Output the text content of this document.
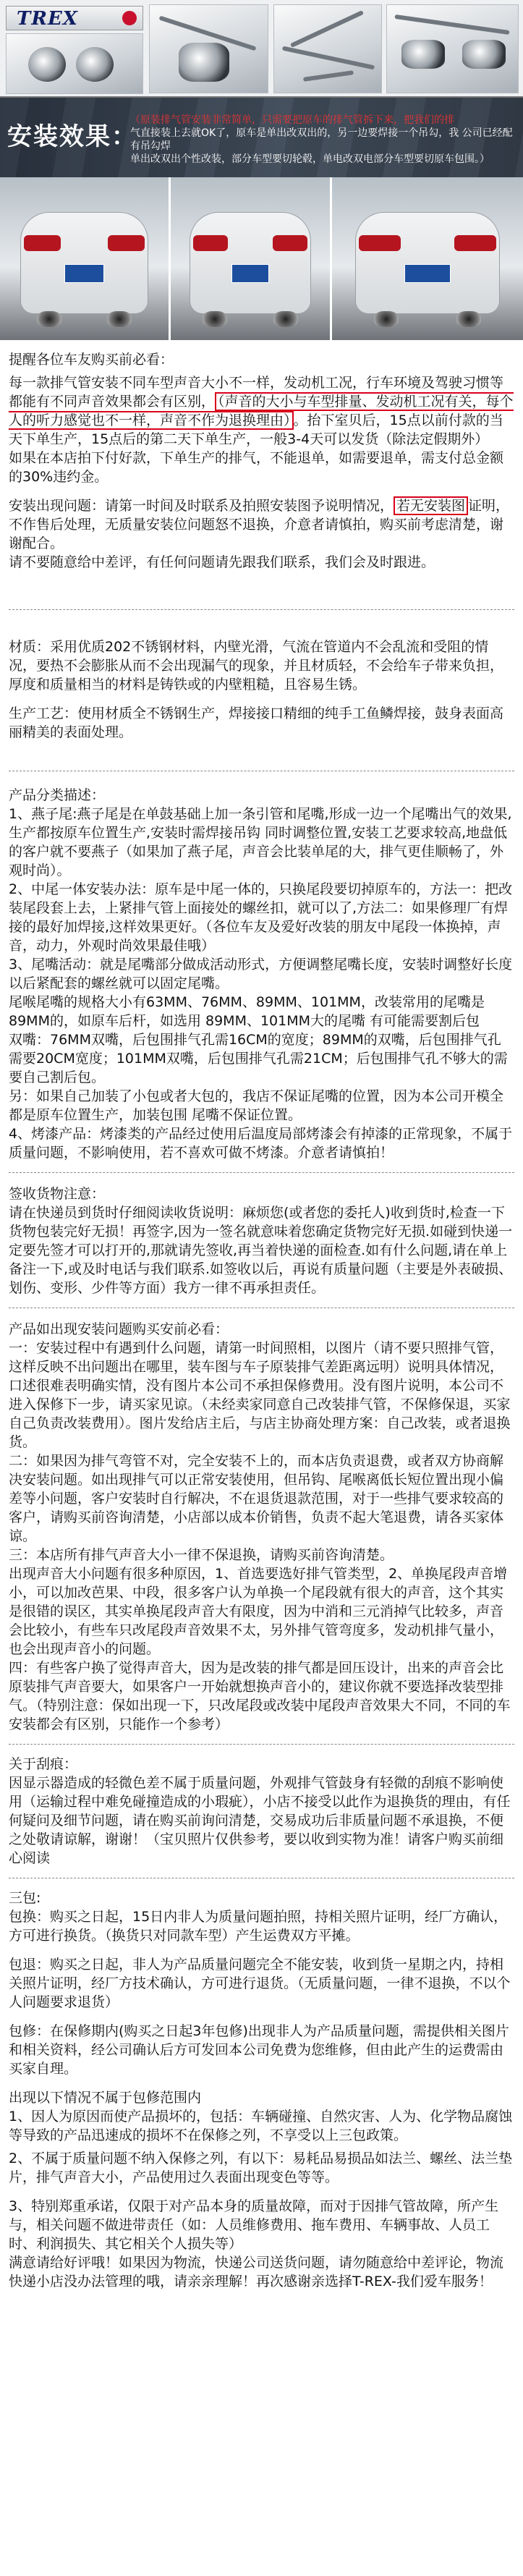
TREX
安装效果：
（原装排气管安装非常简单，只需要把原车的排气管拆下来，把我们的排
气直接装上去就OK了，原车是单出改双出的，另一边要焊接一个吊勾，我 公司已经配有吊勾焊
单出改双出个性改装，部分车型要切轮毂，单电改双电部分车型要切原车包围。）
提醒各位车友购买前必看：

每一款排气管安装不同车型声音大小不一样，发动机工况，行车环境及驾驶习惯等都能有不同声音效果都会有区别， （声音的大小与车型排量、发动机工况有关，每个人的听力感觉也不一样，声音不作为退换理由） 。抬下室贝后，15点以前付款的当天下单生产，15点后的第二天下单生产，一般3-4天可以发货（除法定假期外）

如果在本店拍下付好款，下单生产的排气，不能退单，如需要退单，需支付总金额的30%违约金。

安装出现问题：请第一时间及时联系及拍照安装图予说明情况， 若无安装图 证明，不作售后处理，无质量安装位问题怒不退换，介意者请慎拍，购买前考虑清楚，谢谢配合。

请不要随意给中差评，有任何问题请先跟我们联系，我们会及时跟进。

材质：采用优质202不锈钢材料，内壁光滑，气流在管道内不会乱流和受阻的情况，要热不会膨胀从而不会出现漏气的现象，并且材质轻，不会给车子带来负担，厚度和质量相当的材料是铸铁或的内壁粗糙，且容易生锈。

生产工艺：使用材质全不锈钢生产，焊接接口精细的纯手工鱼鳞焊接，鼓身表面高丽精美的表面处理。

产品分类描述：

1、燕子尾:燕子尾是在单鼓基础上加一条引管和尾嘴,形成一边一个尾嘴出气的效果,生产都按原车位置生产,安装时需焊接吊钩 同时调整位置,安装工艺要求较高,地盘低的客户就不要燕子（如果加了燕子尾，声音会比装单尾的大，排气更佳顺畅了，外观时尚）。

2、中尾一体安装办法：原车是中尾一体的，只换尾段要切掉原车的，方法一：把改装尾段套上去，上紧排气管上面接处的螺丝扣，就可以了,方法二：如果修理厂有焊接的最好加焊接,这样效果更好。（各位车友及爱好改装的朋友中尾段一体换掉，声音，动力，外观时尚效果最佳哦）

3、尾嘴活动：就是尾嘴部分做成活动形式，方便调整尾嘴长度，安装时调整好长度以后紧配套的螺丝就可以固定尾嘴。

尾喉尾嘴的规格大小有63MM、76MM、89MM、101MM，改装常用的尾嘴是89MM的，如原车后杆，如选用 89MM、101MM大的尾嘴 有可能需要割后包

双嘴：76MM双嘴，后包围排气孔需16CM的宽度；89MM的双嘴，后包围排气孔需要20CM宽度；101MM双嘴，后包围排气孔需21CM；后包围排气孔不够大的需要自己割后包。

另：如果自己加装了小包或者大包的，我店不保证尾嘴的位置，因为本公司开模全都是原车位置生产，加装包围 尾嘴不保证位置。

4、烤漆产品：烤漆类的产品经过使用后温度局部烤漆会有掉漆的正常现象，不属于质量问题，不影响使用，若不喜欢可做不烤漆。介意者请慎拍！

签收货物注意：

请在快递员到货时仔细阅读收货说明：麻烦您(或者您的委托人)收到货时,检查一下货物包装完好无损！再签字,因为一签名就意味着您确定货物完好无损.如碰到快递一定要先签才可以打开的,那就请先签收,再当着快递的面检查.如有什么问题,请在单上备注一下,或及时电话与我们联系.如签收以后，再说有质量问题（主要是外表破损、划伤、变形、少件等方面）我方一律不再承担责任。

产品如出现安装问题购买安前必看：

一：安装过程中有遇到什么问题，请第一时间照相，以图片（请不要只照排气管，这样反映不出问题出在哪里，装车图与车子原装排气差距离远明）说明具体情况，口述很难表明确实情，没有图片本公司不承担保修费用。没有图片说明，本公司不进入保修下一步，请买家见谅。（未经卖家同意自己改装排气管，不保修保退，买家自己负责改装费用）。图片发给店主后，与店主协商处理方案：自己改装，或者退换货。

二：如果因为排气弯管不对，完全安装不上的，而本店负责退费，或者双方协商解决安装问题。如出现排气可以正常安装使用，但吊钩、尾喉离低长短位置出现小偏差等小问题，客户安装时自行解决，不在退货退款范围，对于一些排气要求较高的客户，请购买前咨询清楚，小店部以成本价销售，负责不起大笔退费，请各买家体谅。

三：本店所有排气声音大小一律不保退换，请购买前咨询清楚。

出现声音大小问题有很多种原因，1、首选要选好排气管类型，2、单换尾段声音增小，可以加改芭果、中段，很多客户认为单换一个尾段就有很大的声音，这个其实是很错的误区，其实单换尾段声音大有限度，因为中消和三元消掉气比较多，声音会比较小，有些车只改尾段声音效果不太，另外排气管弯度多，发动机排气量小，也会出现声音小的问题。

四：有些客户换了觉得声音大，因为是改装的排气都是回压设计，出来的声音会比原装排气声音要大，如果客户一开始就想换声音小的，建议你就不要选择改装型排气。（特别注意：保如出现一下，只改尾段或改装中尾段声音效果大不同，不同的车安装都会有区别，只能作一个参考）

关于刮痕：

因显示器造成的轻微色差不属于质量问题，外观排气管鼓身有轻微的刮痕不影响使用（运输过程中难免碰撞造成的小瑕疵），小店不接受以此作为退换货的理由，有任何疑问及细节问题，请在购买前询问清楚，交易成功后非质量问题不承退换，不便之处敬请谅解，谢谢！（宝贝照片仅供参考，要以收到实物为准！请客户购买前细心阅读

三包:

包换：购买之日起，15日内非人为质量问题拍照，持相关照片证明，经厂方确认，方可进行换货。（换货只对同款车型）产生运费双方平摊。

包退：购买之日起，非人为产品质量问题完全不能安装，收到货一星期之内，持相关照片证明，经厂方技术确认，方可进行退货。（无质量问题，一律不退换，不以个人问题要求退货）

包修：在保修期内(购买之日起3年包修)出现非人为产品质量问题，需提供相关图片和相关资料，经公司确认后方可发回本公司免费为您维修，但由此产生的运费需由买家自理。

出现以下情况不属于包修范围内

1、因人为原因而使产品损坏的，包括：车辆碰撞、自然灾害、人为、化学物品腐蚀等导致的产品迅速成的损坏不在保修之列，不享受以上三包政策。

2、不属于质量问题不纳入保修之列，有以下：易耗品易损品如法兰、螺丝、法兰垫片，排气声音大小，产品使用过久表面出现变色等等。

3、特别郑重承诺，仅限于对产品本身的质量故障，而对于因排气管故障，所产生与，相关问题不做进带责任（如：人员维修费用、拖车费用、车辆事故、人员工时、利润损失、其它相关个人损失等）

满意请给好评哦！如果因为物流，快递公司送货问题，请勿随意给中差评论，物流快递小店没办法管理的哦，请亲亲理解！再次感谢亲选择T-REX-我们爱车服务！
